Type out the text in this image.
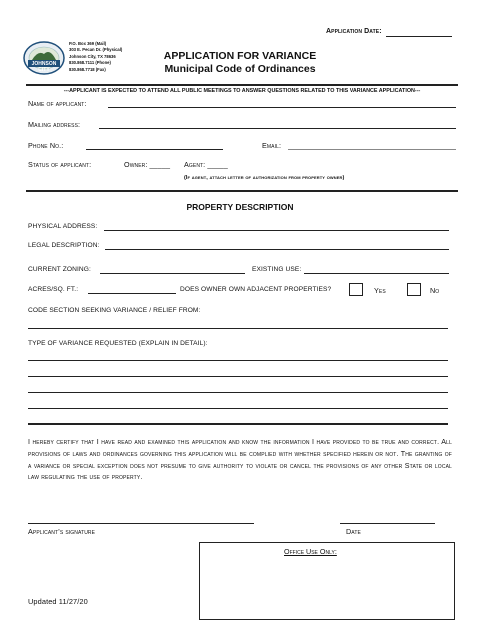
Application Date:
JOHNSON CITY
P.O. Box 369 (Mail)
303 E. Pecan Dr. (Physical)
Johnson City, TX 78636
830.868.7111 (Phone)
830.868.7718 (Fax)
APPLICATION FOR VARIANCE
Municipal Code of Ordinances
---APPLICANT IS EXPECTED TO ATTEND ALL PUBLIC MEETINGS TO ANSWER QUESTIONS RELATED TO THIS VARIANCE APPLICATION---
Name of applicant:
Mailing address:
Phone No.:	Email:
Status of applicant:	Owner: _____ Agent: _____
(If agent, attach letter of authorization from property owner)
PROPERTY DESCRIPTION
PHYSICAL ADDRESS:
LEGAL DESCRIPTION:
CURRENT ZONING:	EXISTING USE:
ACRES/SQ. FT.:	DOES OWNER OWN ADJACENT PROPERTIES?	Yes	No
CODE SECTION SEEKING VARIANCE / RELIEF FROM:
TYPE OF VARIANCE REQUESTED (EXPLAIN IN DETAIL):
I hereby certify that I have read and examined this application and know the information I have provided to be true and correct. All provisions of laws and ordinances governing this application will be complied with whether specified herein or not. The granting of a variance or special exception does not presume to give authority to violate or cancel the provisions of any other State or local law regulating the use of property.
Applicant’s signature	Date
Office Use Only:
Updated 11/27/20
